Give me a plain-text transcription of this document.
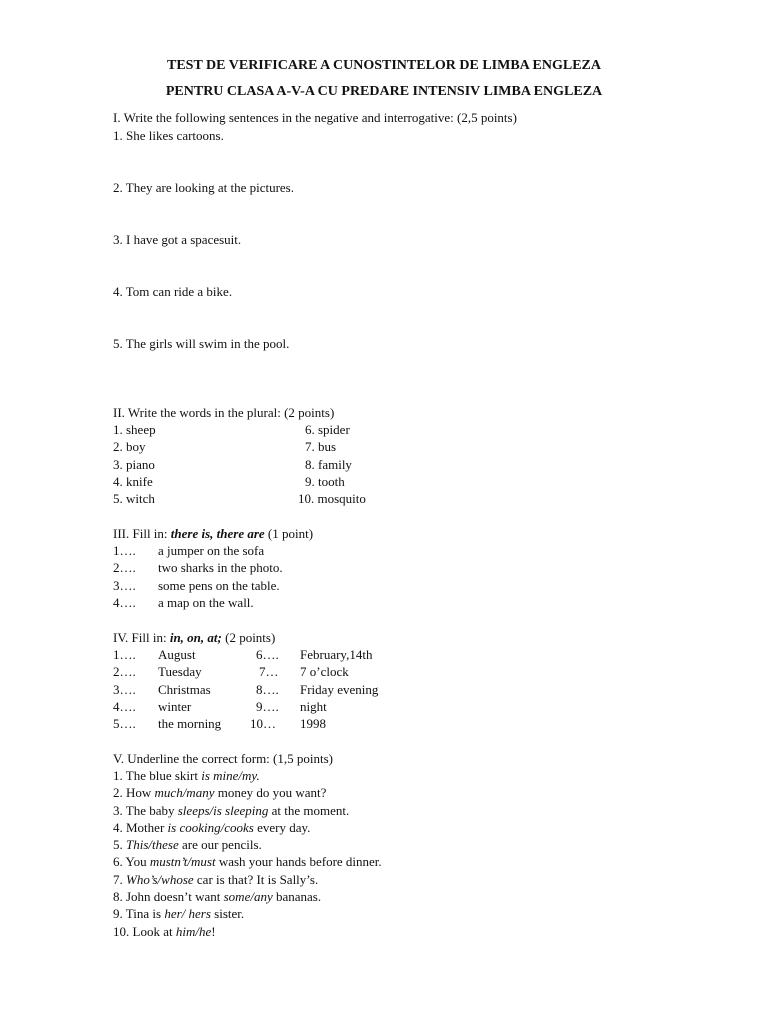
TEST DE VERIFICARE A CUNOSTINTELOR DE LIMBA ENGLEZA
PENTRU CLASA A-V-A CU PREDARE INTENSIV LIMBA ENGLEZA
I. Write the following sentences in the negative and interrogative: (2,5 points)
1. She likes cartoons.
2. They are looking at the pictures.
3. I have got a spacesuit.
4. Tom can ride a bike.
5. The girls will swim in the pool.
II. Write the words in the plural: (2 points)
1. sheep
2. boy
3. piano
4. knife
5. witch
6. spider
7. bus
8. family
9. tooth
10. mosquito
III. Fill in: there is, there are (1 point)
1…. a jumper on the sofa
2…. two sharks in the photo.
3…. some pens on the table.
4…. a map on the wall.
IV. Fill in: in, on, at; (2 points)
1…. August
2…. Tuesday
3…. Christmas
4…. winter
5…. the morning
6…. February,14th
7… 7 o’clock
8…. Friday evening
9…. night
10… 1998
V. Underline the correct form: (1,5 points)
1. The blue skirt is mine/my.
2. How much/many money do you want?
3. The baby sleeps/is sleeping at the moment.
4. Mother is cooking/cooks every day.
5. This/these are our pencils.
6. You mustn’t/must wash your hands before dinner.
7. Who’s/whose car is that? It is Sally’s.
8. John doesn’t want some/any bananas.
9. Tina is her/ hers sister.
10. Look at him/he!
